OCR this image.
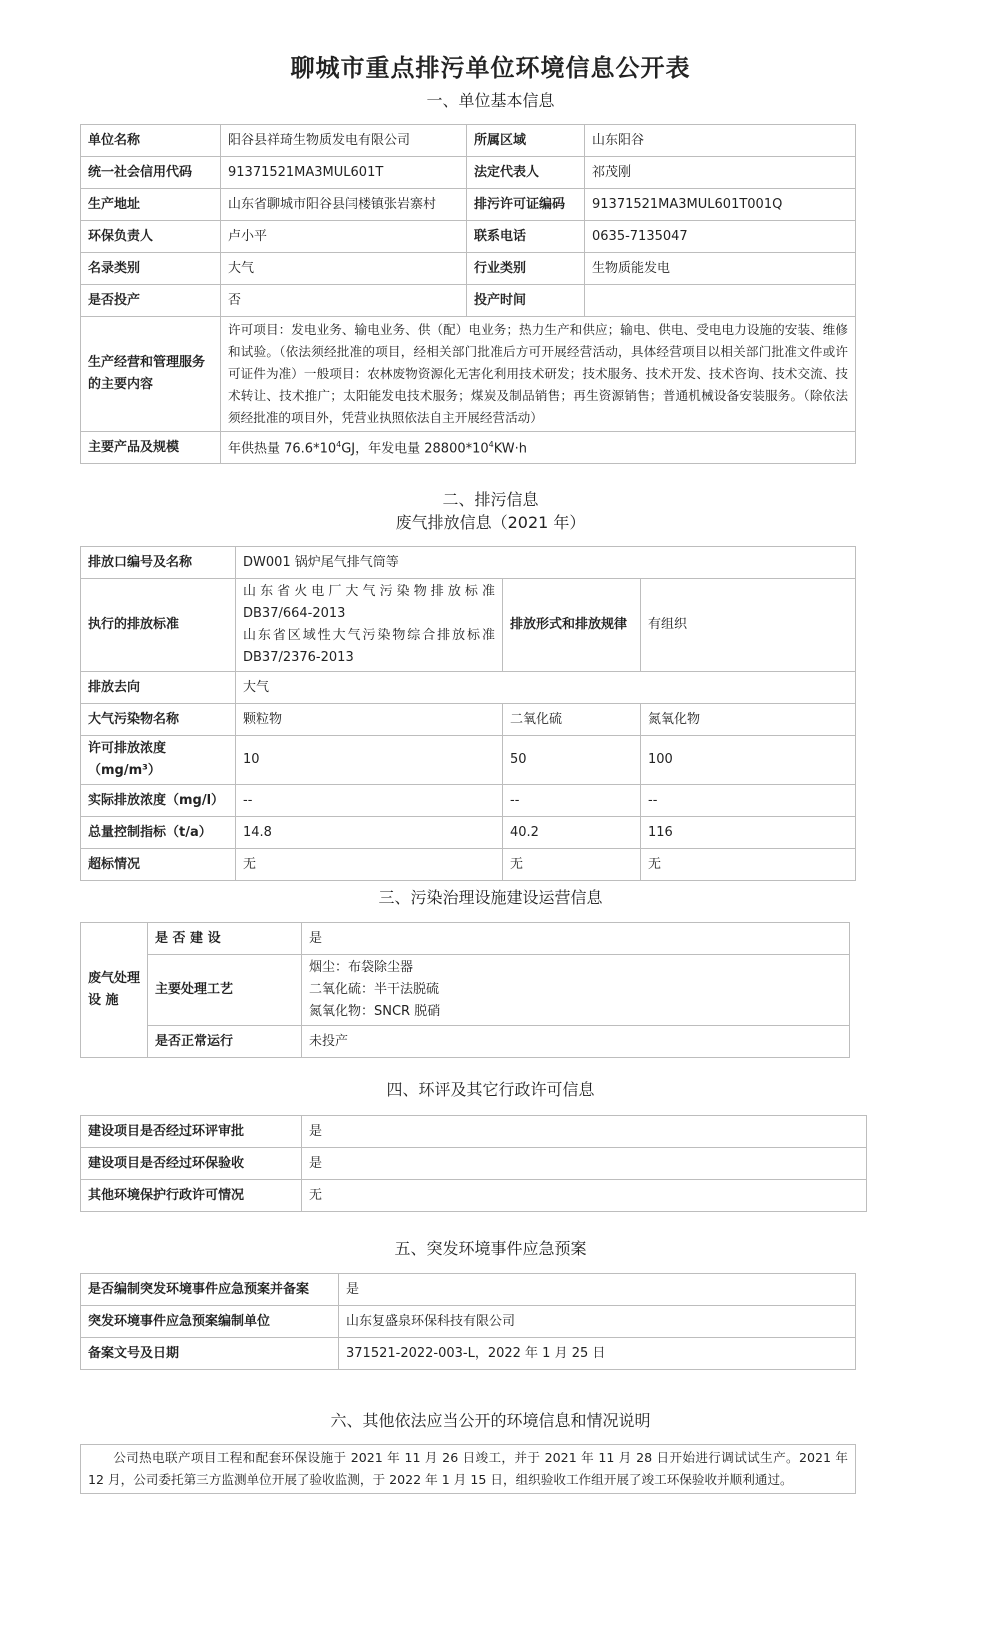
聊城市重点排污单位环境信息公开表
一、单位基本信息
单位名称	阳谷县祥琦生物质发电有限公司	所属区域	山东阳谷
统一社会信用代码	91371521MA3MUL601T	法定代表人	祁茂刚
生产地址	山东省聊城市阳谷县闫楼镇张岩寨村	排污许可证编码	91371521MA3MUL601T001Q
环保负责人	卢小平	联系电话	0635-7135047
名录类别	大气	行业类别	生物质能发电
是否投产	否	投产时间	
生产经营和管理服务的主要内容	许可项目：发电业务、输电业务、供（配）电业务；热力生产和供应；输电、供电、受电电力设施的安装、维修和试验。（依法须经批准的项目，经相关部门批准后方可开展经营活动，具体经营项目以相关部门批准文件或许可证件为准）一般项目：农林废物资源化无害化利用技术研发；技术服务、技术开发、技术咨询、技术交流、技术转让、技术推广；太阳能发电技术服务；煤炭及制品销售；再生资源销售；普通机械设备安装服务。（除依法须经批准的项目外，凭营业执照依法自主开展经营活动）		
主要产品及规模	年供热量 $76.6*10^4GJ$，年发电量 $28800*10^4KW\cdot h$		
二、排污信息
废气排放信息（2021 年）
排放口编号及名称	DW001 锅炉尾气排气筒等		
执行的排放标准	山东省火电厂大气污染物排放标准
DB37/664-2013
山东省区域性大气污染物综合排放标准
DB37/2376-2013	排放形式和排放规律	有组织
排放去向	大气		
大气污染物名称	颗粒物	二氧化硫	氮氧化物
许可排放浓度（mg/m³）	10	50	100
实际排放浓度（mg/l）	--	--	--
总量控制指标（t/a）	14.8	40.2	116
超标情况	无	无	无
三、污染治理设施建设运营信息
废气处理设 施	是 否 建 设	是
	主要处理工艺	烟尘：布袋除尘器
二氧化硫：半干法脱硫
氮氧化物：SNCR 脱硝

	是否正常运行	未投产
四、环评及其它行政许可信息
建设项目是否经过环评审批	是
建设项目是否经过环保验收	是
其他环境保护行政许可情况	无
五、突发环境事件应急预案
是否编制突发环境事件应急预案并备案	是
突发环境事件应急预案编制单位	山东复盛泉环保科技有限公司
备案文号及日期	371521-2022-003-L，2022 年 1 月 25 日
六、其他依法应当公开的环境信息和情况说明
公司热电联产项目工程和配套环保设施于 2021 年 11 月 26 日竣工，并于 2021 年 11 月 28 日开始进行调试试生产。2021 年 12 月，公司委托第三方监测单位开展了验收监测，于 2022 年 1 月 15 日，组织验收工作组开展了竣工环保验收并顺利通过。
